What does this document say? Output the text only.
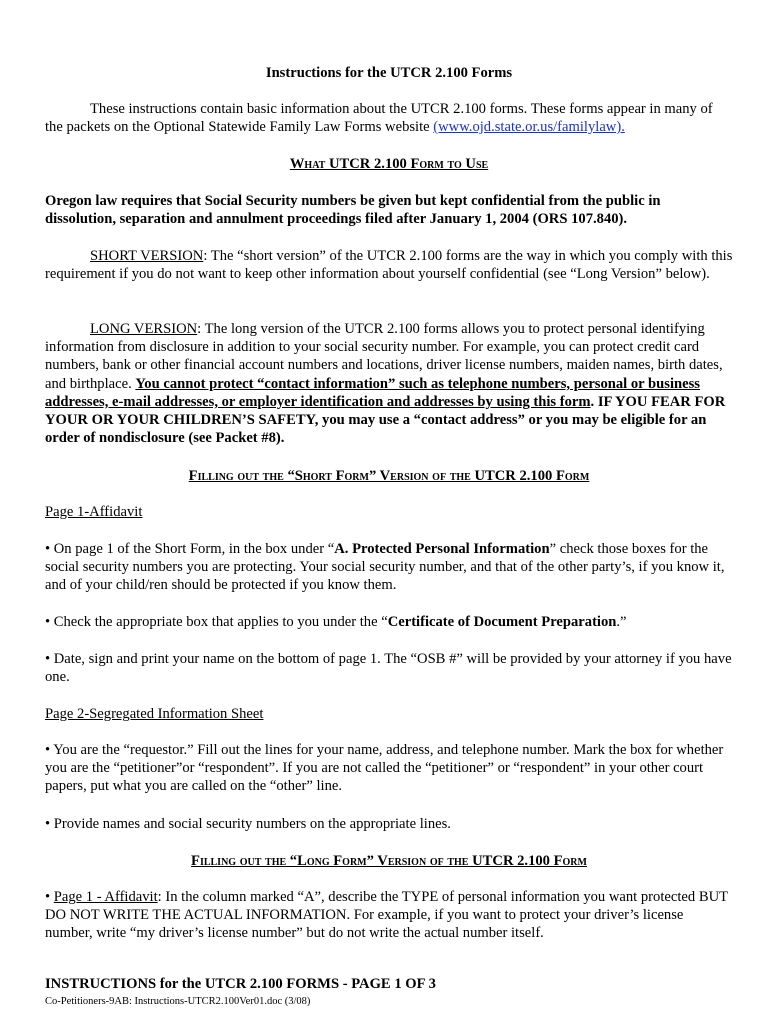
Instructions for the UTCR 2.100 Forms

These instructions contain basic information about the UTCR 2.100 forms. These forms appear in many of the packets on the Optional Statewide Family Law Forms website (www.ojd.state.or.us/familylaw).

What UTCR 2.100 Form to Use

Oregon law requires that Social Security numbers be given but kept confidential from the public in dissolution, separation and annulment proceedings filed after January 1, 2004 (ORS 107.840).

SHORT VERSION: The “short version” of the UTCR 2.100 forms are the way in which you comply with this requirement if you do not want to keep other information about yourself confidential (see “Long Version” below).

LONG VERSION: The long version of the UTCR 2.100 forms allows you to protect personal identifying information from disclosure in addition to your social security number. For example, you can protect credit card numbers, bank or other financial account numbers and locations, driver license numbers, maiden names, birth dates, and birthplace. You cannot protect “contact information” such as telephone numbers, personal or business addresses, e-mail addresses, or employer identification and addresses by using this form. IF YOU FEAR FOR YOUR OR YOUR CHILDREN’S SAFETY, you may use a “contact address” or you may be eligible for an order of nondisclosure (see Packet #8).

Filling out the “Short Form” Version of the UTCR 2.100 Form

Page 1-Affidavit

• On page 1 of the Short Form, in the box under “A. Protected Personal Information” check those boxes for the social security numbers you are protecting. Your social security number, and that of the other party’s, if you know it, and of your child/ren should be protected if you know them.

• Check the appropriate box that applies to you under the “Certificate of Document Preparation.”

• Date, sign and print your name on the bottom of page 1. The “OSB #” will be provided by your attorney if you have one.

Page 2-Segregated Information Sheet

• You are the “requestor.” Fill out the lines for your name, address, and telephone number. Mark the box for whether you are the “petitioner”or “respondent”. If you are not called the “petitioner” or “respondent” in your other court papers, put what you are called on the “other” line.

• Provide names and social security numbers on the appropriate lines.

Filling out the “Long Form” Version of the UTCR 2.100 Form

• Page 1 - Affidavit: In the column marked “A”, describe the TYPE of personal information you want protected BUT DO NOT WRITE THE ACTUAL INFORMATION. For example, if you want to protect your driver’s license number, write “my driver’s license number” but do not write the actual number itself.

INSTRUCTIONS for the UTCR 2.100 FORMS - PAGE 1 OF 3

Co-Petitioners-9AB: Instructions-UTCR2.100Ver01.doc (3/08)
